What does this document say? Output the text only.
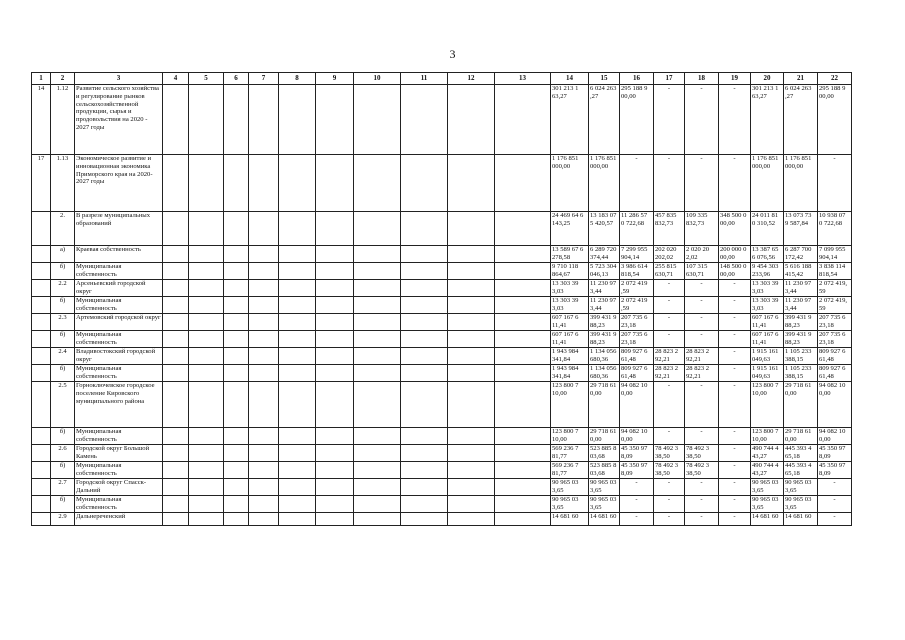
3
1	2	3	4	5	6	7	8	9	10	11	12	13	14	15	16	17	18	19	20	21	22
14	1.12	Развитие сельского хозяйства и регулирование рынков сельскохозяйственной продукции, сырья и продовольствия на 2020 - 2027 годы											301 213 1 63,27	6 024 263 ,27	295 188 9 00,00	-	-	-	301 213 1 63,27	6 024 263 ,27	295 188 9 00,00
17	1.13	Экономическое развитие и инновационная экономика Приморского края на 2020-2027 годы											1 176 851 000,00	1 176 851 000,00	-	-	-	-	1 176 851 000,00	1 176 851 000,00	-
	2.	В разрезе муниципальных образований											24 469 64 6 143,25	13 183 07 5 420,57	11 286 57 0 722,68	457 835 832,73	109 335 832,73	348 500 0 00,00	24 011 81 0 310,52	13 073 73 9 587,84	10 938 07 0 722,68
	а)	Краевая собственность											13 589 67 6 278,58	6 289 720 374,44	7 299 955 904,14	202 020 202,02	2 020 20 2,02	200 000 0 00,00	13 387 65 6 076,56	6 287 700 172,42	7 099 955 904,14
	б)	Муниципальная собственность											9 710 118 864,67	5 723 304 046,13	3 986 614 818,54	255 815 630,71	107 315 630,71	148 500 0 00,00	9 454 303 233,96	5 616 188 415,42	3 838 114 818,54
	2.2	Арсеньевский городской округ											13 303 39 3,03	11 230 97 3,44	2 072 419 ,59	-	-	-	13 303 39 3,03	11 230 97 3,44	2 072 419, 59
	б)	Муниципальная собственность											13 303 39 3,03	11 230 97 3,44	2 072 419 ,59	-	-	-	13 303 39 3,03	11 230 97 3,44	2 072 419, 59
	2.3	Артемовский городской округ											607 167 6 11,41	399 431 9 88,23	207 735 6 23,18	-	-	-	607 167 6 11,41	399 431 9 88,23	207 735 6 23,18
	б)	Муниципальная собственность											607 167 6 11,41	399 431 9 88,23	207 735 6 23,18	-	-	-	607 167 6 11,41	399 431 9 88,23	207 735 6 23,18
	2.4	Владивостокский городской округ											1 943 984 341,84	1 134 056 680,36	809 927 6 61,48	28 823 2 92,21	28 823 2 92,21	-	1 915 161 049,63	1 105 233 388,15	809 927 6 61,48
	б)	Муниципальная собственность											1 943 984 341,84	1 134 056 680,36	809 927 6 61,48	28 823 2 92,21	28 823 2 92,21	-	1 915 161 049,63	1 105 233 388,15	809 927 6 61,48
	2.5	Горноключевское городское поселение Кировского муниципального района											123 800 7 10,00	29 718 61 0,00	94 082 10 0,00	-	-	-	123 800 7 10,00	29 718 61 0,00	94 082 10 0,00
	б)	Муниципальная собственность											123 800 7 10,00	29 718 61 0,00	94 082 10 0,00	-	-	-	123 800 7 10,00	29 718 61 0,00	94 082 10 0,00
	2.6	Городской округ Большой Камень											569 236 7 81,77	523 885 8 03,68	45 350 97 8,09	78 492 3 38,50	78 492 3 38,50	-	490 744 4 43,27	445 393 4 65,18	45 350 97 8,09
	б)	Муниципальная собственность											569 236 7 81,77	523 885 8 03,68	45 350 97 8,09	78 492 3 38,50	78 492 3 38,50	-	490 744 4 43,27	445 393 4 65,18	45 350 97 8,09
	2.7	Городской округ Спасск-Дальний											90 965 03 3,65	90 965 03 3,65	-	-	-	-	90 965 03 3,65	90 965 03 3,65	-
	б)	Муниципальная собственность											90 965 03 3,65	90 965 03 3,65	-	-	-	-	90 965 03 3,65	90 965 03 3,65	-
	2.9	Дальнереченский											14 681 60	14 681 60	-	-	-	-	14 681 60	14 681 60	-
